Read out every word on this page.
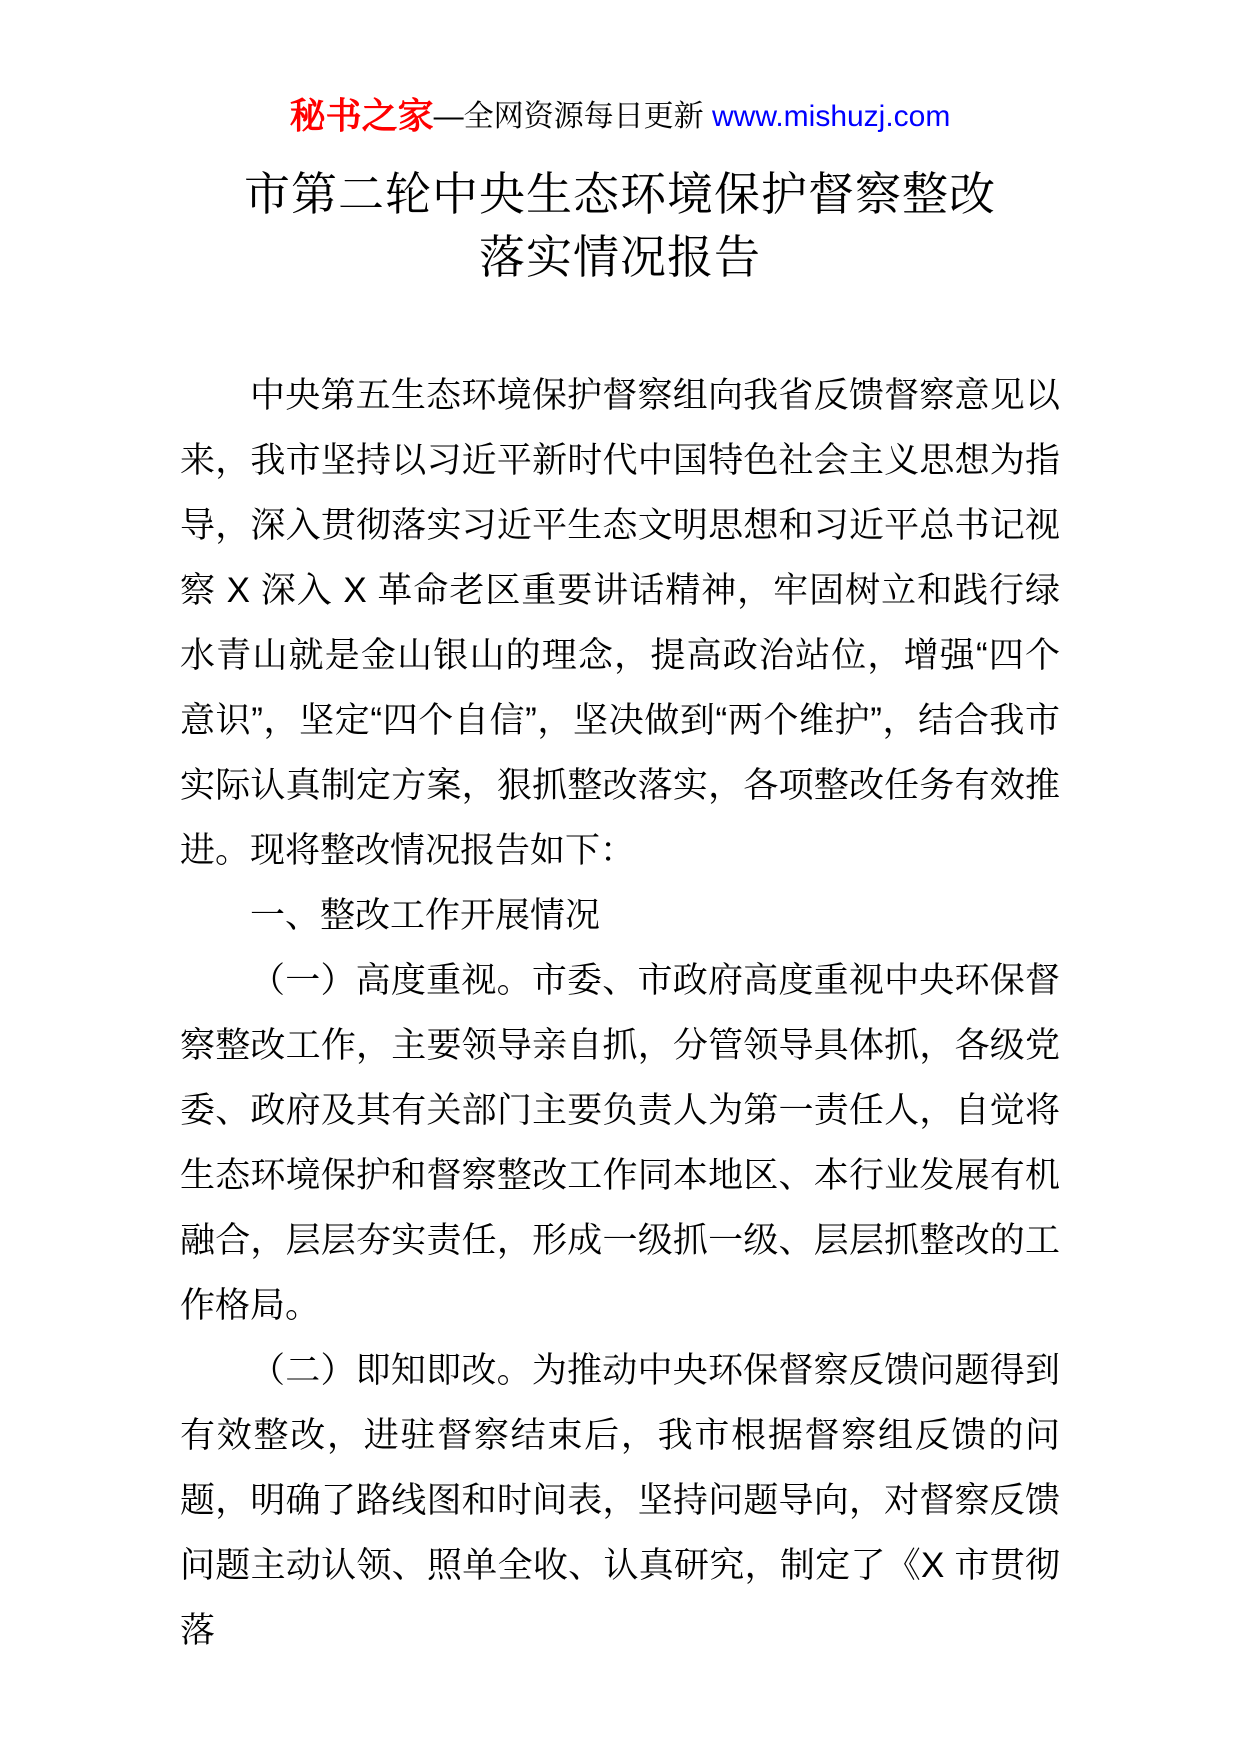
秘书之家—全网资源每日更新 www.mishuzj.com
市第二轮中央生态环境保护督察整改
落实情况报告

中央第五生态环境保护督察组向我省反馈督察意见以来，我市坚持以习近平新时代中国特色社会主义思想为指导，深入贯彻落实习近平生态文明思想和习近平总书记视察 X 深入 X 革命老区重要讲话精神，牢固树立和践行绿水青山就是金山银山的理念，提高政治站位，增强“四个意识”，坚定“四个自信”，坚决做到“两个维护”，结合我市实际认真制定方案，狠抓整改落实，各项整改任务有效推进。现将整改情况报告如下：

一、整改工作开展情况

（一）高度重视。市委、市政府高度重视中央环保督察整改工作，主要领导亲自抓，分管领导具体抓，各级党委、政府及其有关部门主要负责人为第一责任人，自觉将生态环境保护和督察整改工作同本地区、本行业发展有机融合，层层夯实责任，形成一级抓一级、层层抓整改的工作格局。

（二）即知即改。为推动中央环保督察反馈问题得到有效整改，进驻督察结束后，我市根据督察组反馈的问题，明确了路线图和时间表，坚持问题导向，对督察反馈问题主动认领、照单全收、认真研究，制定了《X 市贯彻落
